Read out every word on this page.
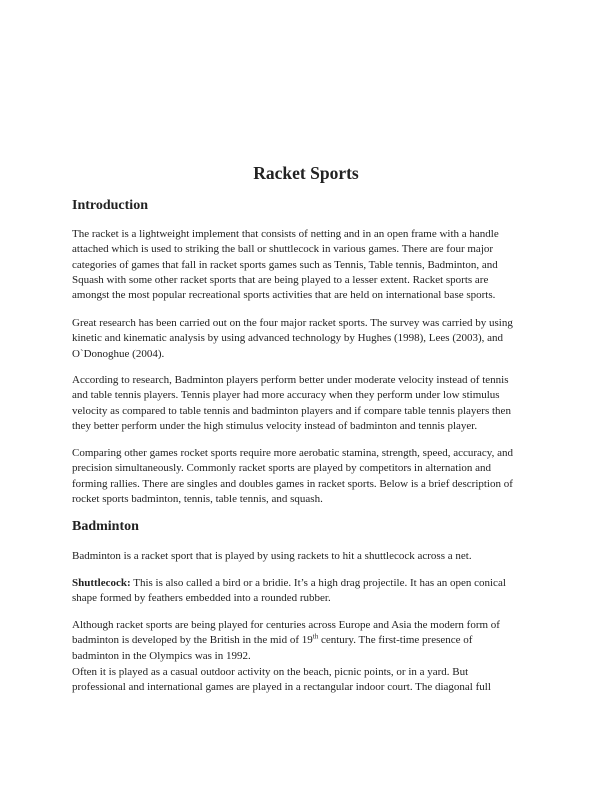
Racket Sports
Introduction
The racket is a lightweight implement that consists of netting and in an open frame with a handle
attached which is used to striking the ball or shuttlecock in various games. There are four major
categories of games that fall in racket sports games such as Tennis, Table tennis, Badminton, and
Squash with some other racket sports that are being played to a lesser extent. Racket sports are
amongst the most popular recreational sports activities that are held on international base sports.
Great research has been carried out on the four major racket sports. The survey was carried by using
kinetic and kinematic analysis by using advanced technology by Hughes (1998), Lees (2003), and
O`Donoghue (2004).
According to research, Badminton players perform better under moderate velocity instead of tennis
and table tennis players. Tennis player had more accuracy when they perform under low stimulus
velocity as compared to table tennis and badminton players and if compare table tennis players then
they better perform under the high stimulus velocity instead of badminton and tennis player.
Comparing other games rocket sports require more aerobatic stamina, strength, speed, accuracy, and
precision simultaneously. Commonly racket sports are played by competitors in alternation and
forming rallies. There are singles and doubles games in racket sports. Below is a brief description of
rocket sports badminton, tennis, table tennis, and squash.
Badminton
Badminton is a racket sport that is played by using rackets to hit a shuttlecock across a net.
Shuttlecock: This is also called a bird or a bridie. It’s a high drag projectile. It has an open conical
shape formed by feathers embedded into a rounded rubber.
Although racket sports are being played for centuries across Europe and Asia the modern form of
badminton is developed by the British in the mid of 19th century. The first-time presence of
badminton in the Olympics was in 1992.
Often it is played as a casual outdoor activity on the beach, picnic points, or in a yard. But
professional and international games are played in a rectangular indoor court. The diagonal full
